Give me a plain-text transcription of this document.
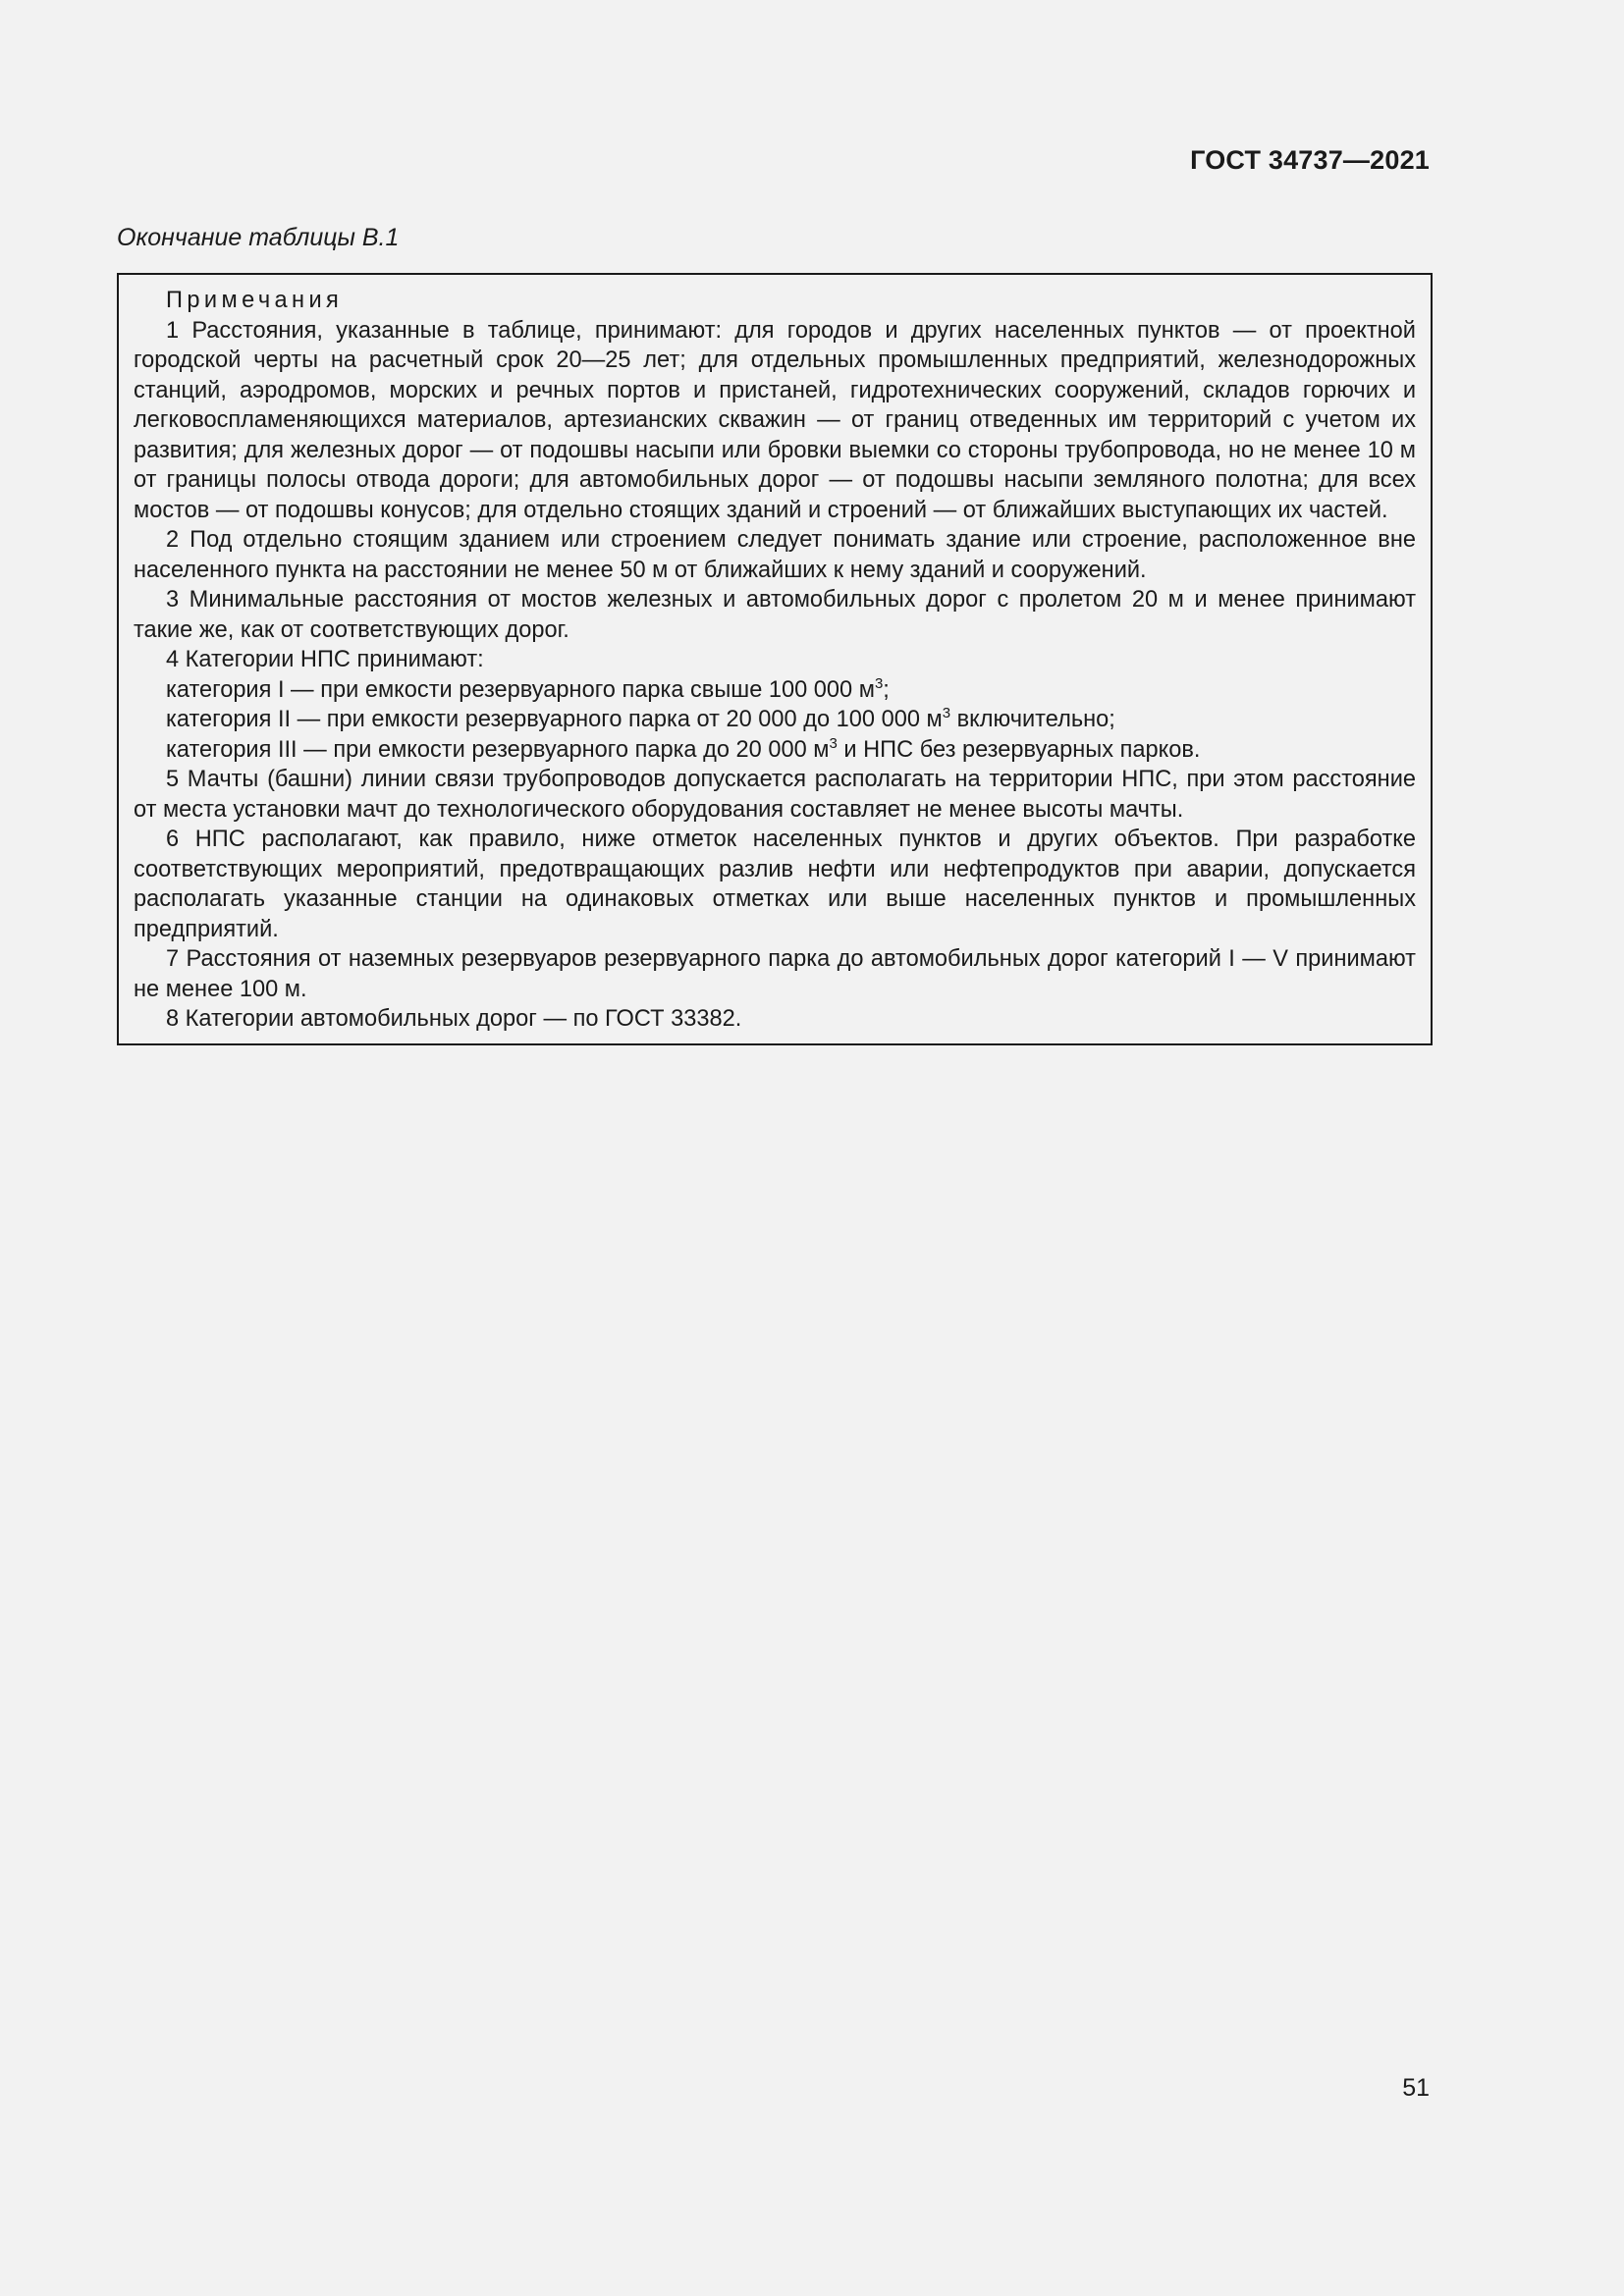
ГОСТ 34737—2021
Окончание таблицы В.1

Примечания

1 Расстояния, указанные в таблице, принимают: для городов и других населенных пунктов — от проектной городской черты на расчетный срок 20—25 лет; для отдельных промышленных предприятий, железнодорожных станций, аэродромов, морских и речных портов и пристаней, гидротехнических сооружений, складов горючих и легковоспламеняющихся материалов, артезианских скважин — от границ отведенных им территорий с учетом их развития; для железных дорог — от подошвы насыпи или бровки выемки со стороны трубопровода, но не менее 10 м от границы полосы отвода дороги; для автомобильных дорог — от подошвы насыпи земляного полотна; для всех мостов — от подошвы конусов; для отдельно стоящих зданий и строений — от ближайших выступающих их частей.

2 Под отдельно стоящим зданием или строением следует понимать здание или строение, расположенное вне населенного пункта на расстоянии не менее 50 м от ближайших к нему зданий и сооружений.

3 Минимальные расстояния от мостов железных и автомобильных дорог с пролетом 20 м и менее принимают такие же, как от соответствующих дорог.

4 Категории НПС принимают:

категория I — при емкости резервуарного парка свыше 100 000 $м^3$;

категория II — при емкости резервуарного парка от 20 000 до 100 000 $м^3$ включительно;

категория III — при емкости резервуарного парка до 20 000 $м^3$ и НПС без резервуарных парков.

5 Мачты (башни) линии связи трубопроводов допускается располагать на территории НПС, при этом расстояние от места установки мачт до технологического оборудования составляет не менее высоты мачты.

6 НПС располагают, как правило, ниже отметок населенных пунктов и других объектов. При разработке соответствующих мероприятий, предотвращающих разлив нефти или нефтепродуктов при аварии, допускается располагать указанные станции на одинаковых отметках или выше населенных пунктов и промышленных предприятий.

7 Расстояния от наземных резервуаров резервуарного парка до автомобильных дорог категорий I — V принимают не менее 100 м.

8 Категории автомобильных дорог — по ГОСТ 33382.

51
